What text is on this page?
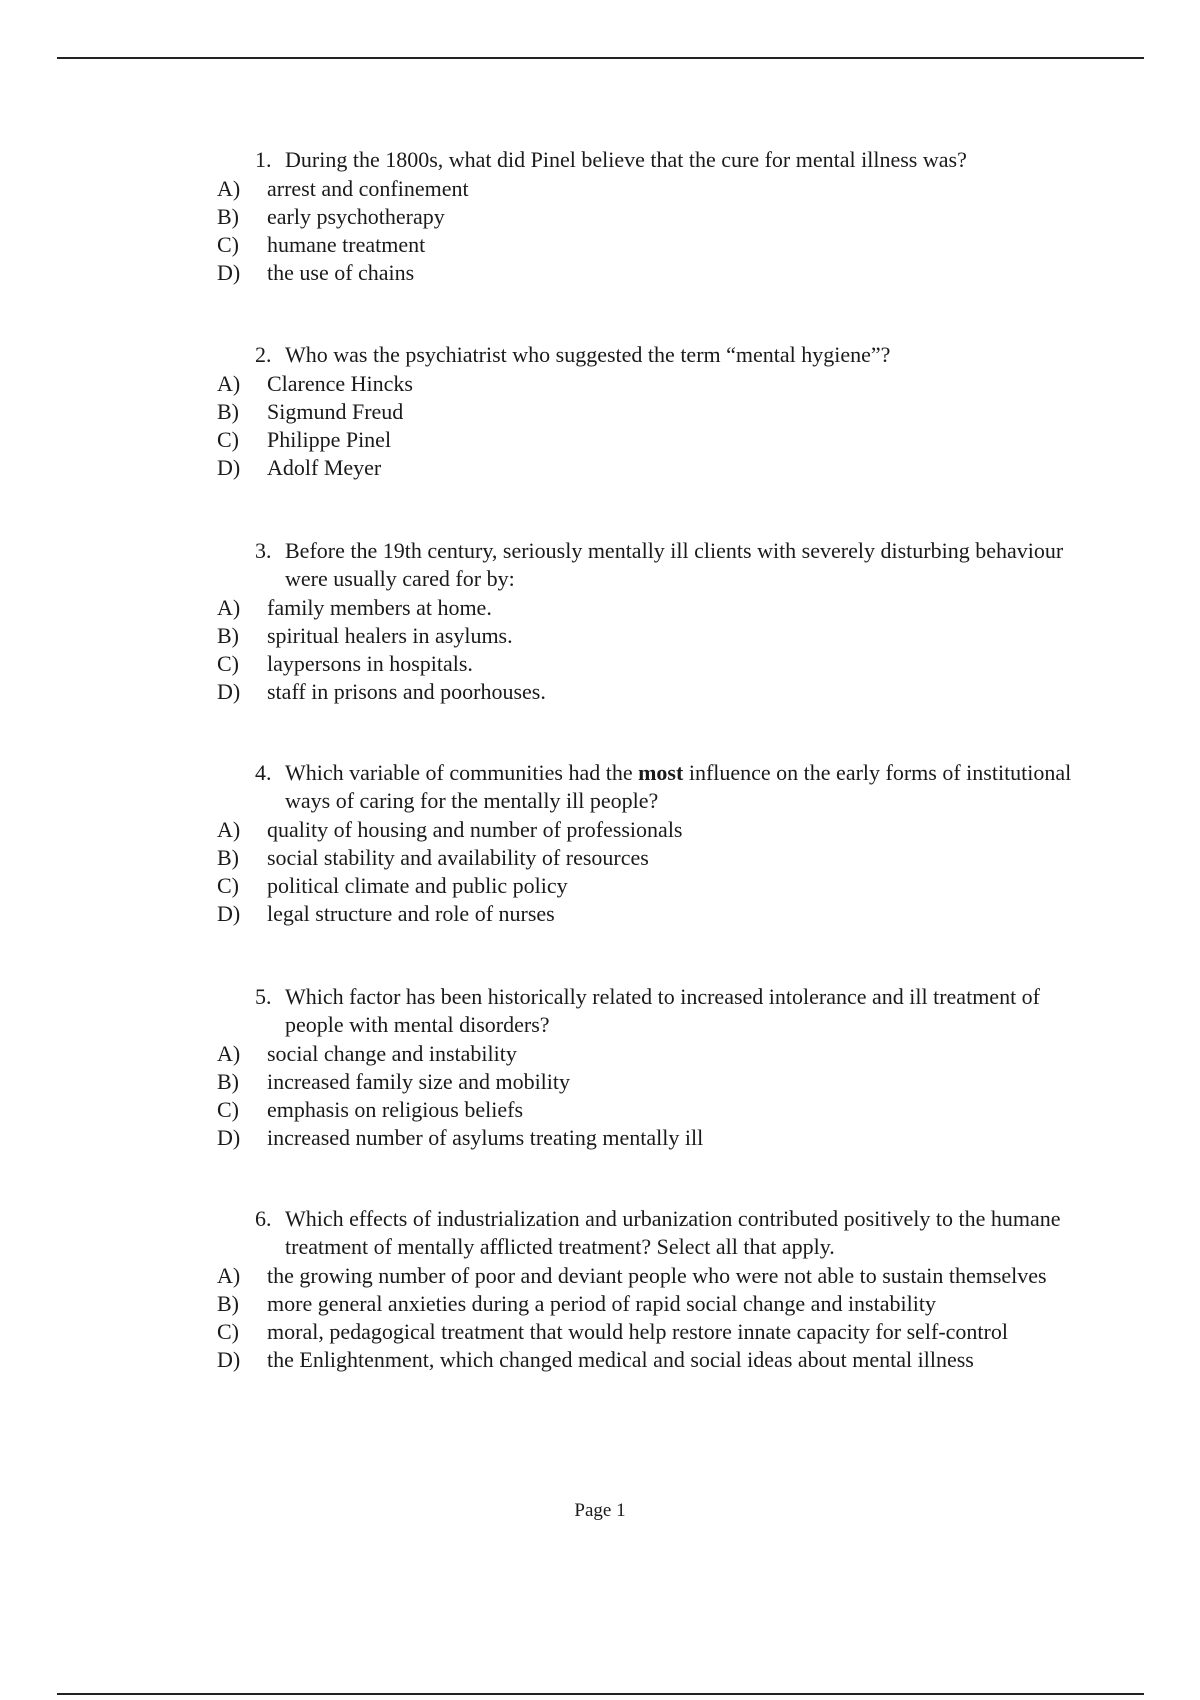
1. During the 1800s, what did Pinel believe that the cure for mental illness was?
A) arrest and confinement
B) early psychotherapy
C) humane treatment
D) the use of chains
2. Who was the psychiatrist who suggested the term “mental hygiene”?
A) Clarence Hincks
B) Sigmund Freud
C) Philippe Pinel
D) Adolf Meyer
3. Before the 19th century, seriously mentally ill clients with severely disturbing behaviour were usually cared for by:
A) family members at home.
B) spiritual healers in asylums.
C) laypersons in hospitals.
D) staff in prisons and poorhouses.
4. Which variable of communities had the most influence on the early forms of institutional ways of caring for the mentally ill people?
A) quality of housing and number of professionals
B) social stability and availability of resources
C) political climate and public policy
D) legal structure and role of nurses
5. Which factor has been historically related to increased intolerance and ill treatment of people with mental disorders?
A) social change and instability
B) increased family size and mobility
C) emphasis on religious beliefs
D) increased number of asylums treating mentally ill
6. Which effects of industrialization and urbanization contributed positively to the humane treatment of mentally afflicted treatment? Select all that apply.
A) the growing number of poor and deviant people who were not able to sustain themselves
B) more general anxieties during a period of rapid social change and instability
C) moral, pedagogical treatment that would help restore innate capacity for self-control
D) the Enlightenment, which changed medical and social ideas about mental illness
Page 1
